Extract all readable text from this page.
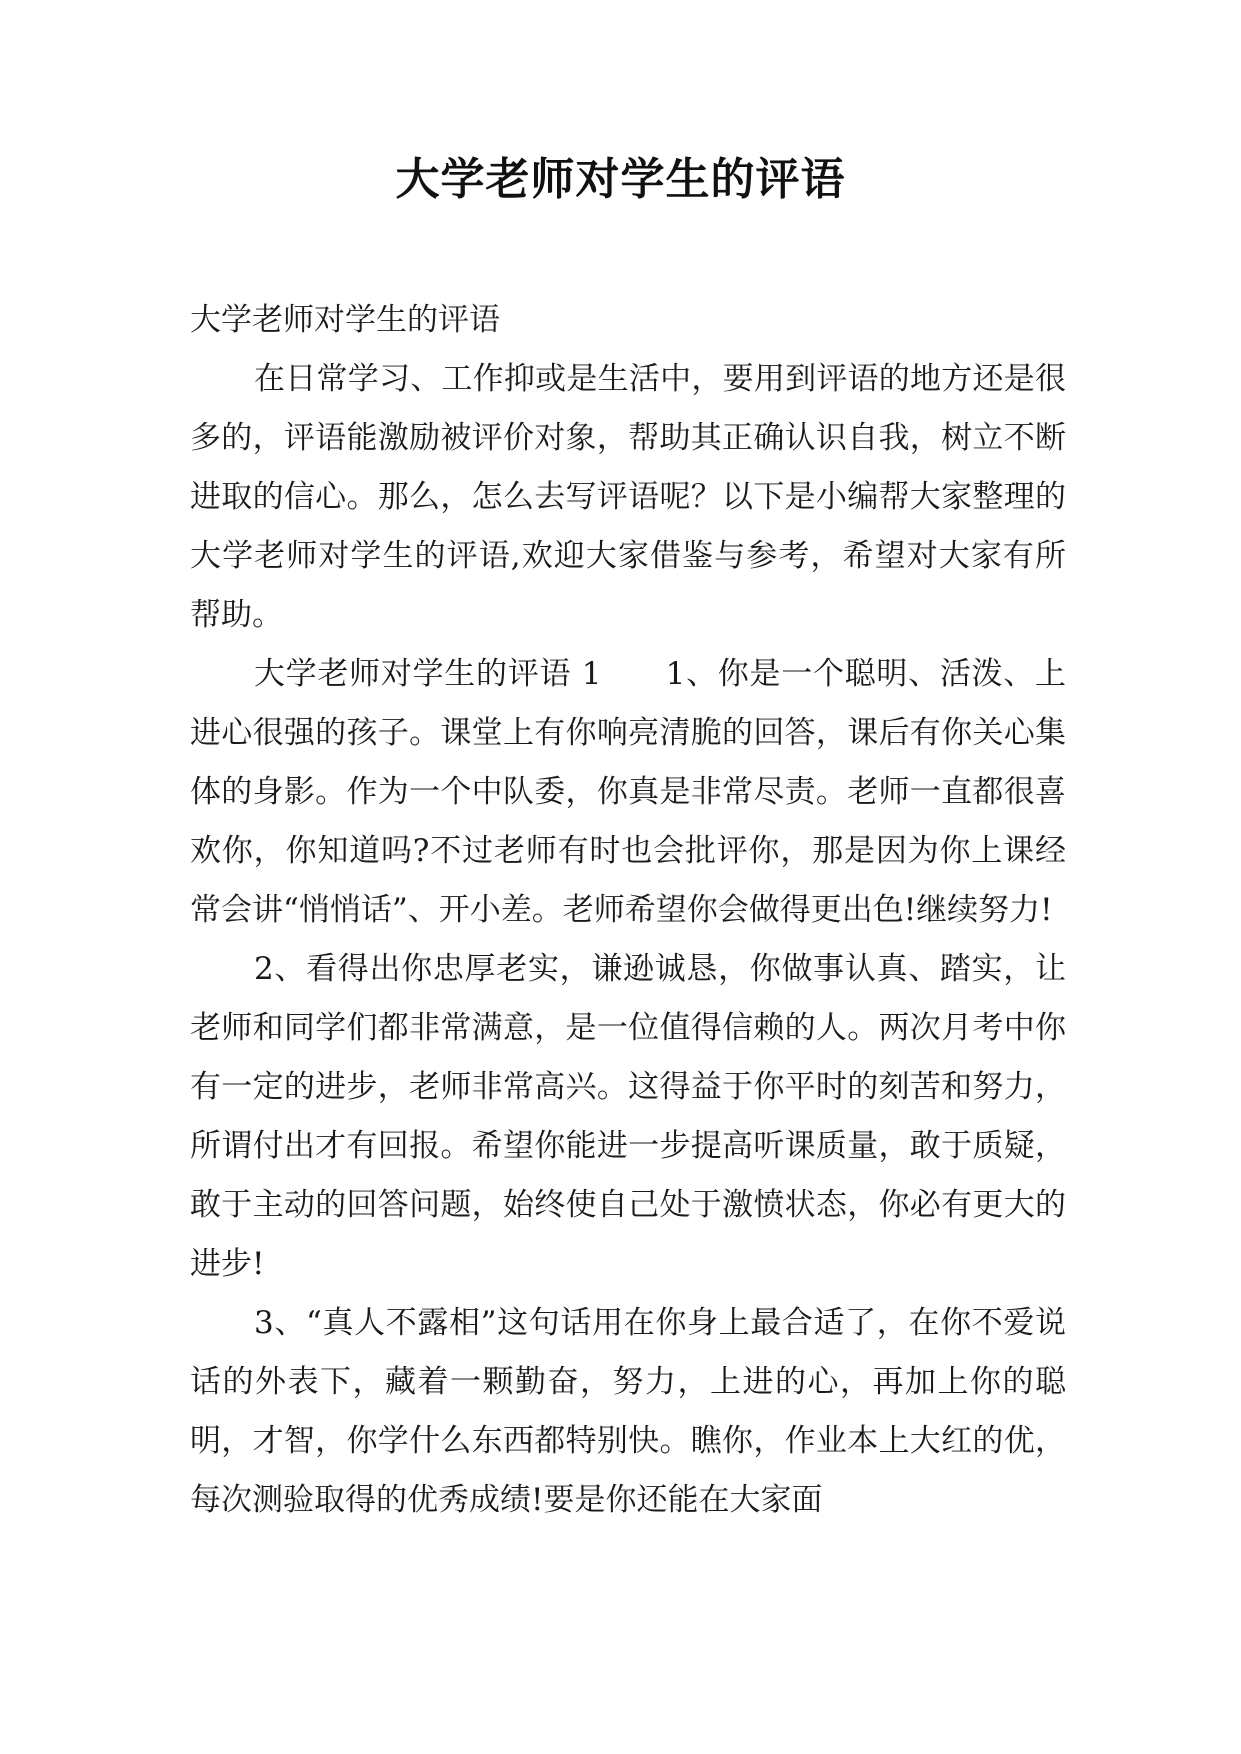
大学老师对学生的评语

大学老师对学生的评语

在日常学习、工作抑或是生活中，要用到评语的地方还是很多的，评语能激励被评价对象，帮助其正确认识自我，树立不断进取的信心。那么，怎么去写评语呢？以下是小编帮大家整理的大学老师对学生的评语,欢迎大家借鉴与参考，希望对大家有所帮助。

大学老师对学生的评语 1　　1、你是一个聪明、活泼、上进心很强的孩子。课堂上有你响亮清脆的回答，课后有你关心集体的身影。作为一个中队委，你真是非常尽责。老师一直都很喜欢你，你知道吗?不过老师有时也会批评你，那是因为你上课经常会讲“悄悄话”、开小差。老师希望你会做得更出色!继续努力!

2、看得出你忠厚老实，谦逊诚恳，你做事认真、踏实，让老师和同学们都非常满意，是一位值得信赖的人。两次月考中你有一定的进步，老师非常高兴。这得益于你平时的刻苦和努力，所谓付出才有回报。希望你能进一步提高听课质量，敢于质疑，敢于主动的回答问题，始终使自己处于激愤状态，你必有更大的进步!

3、“真人不露相”这句话用在你身上最合适了，在你不爱说话的外表下，藏着一颗勤奋，努力，上进的心，再加上你的聪明，才智，你学什么东西都特别快。瞧你，作业本上大红的优，每次测验取得的优秀成绩!要是你还能在大家面
